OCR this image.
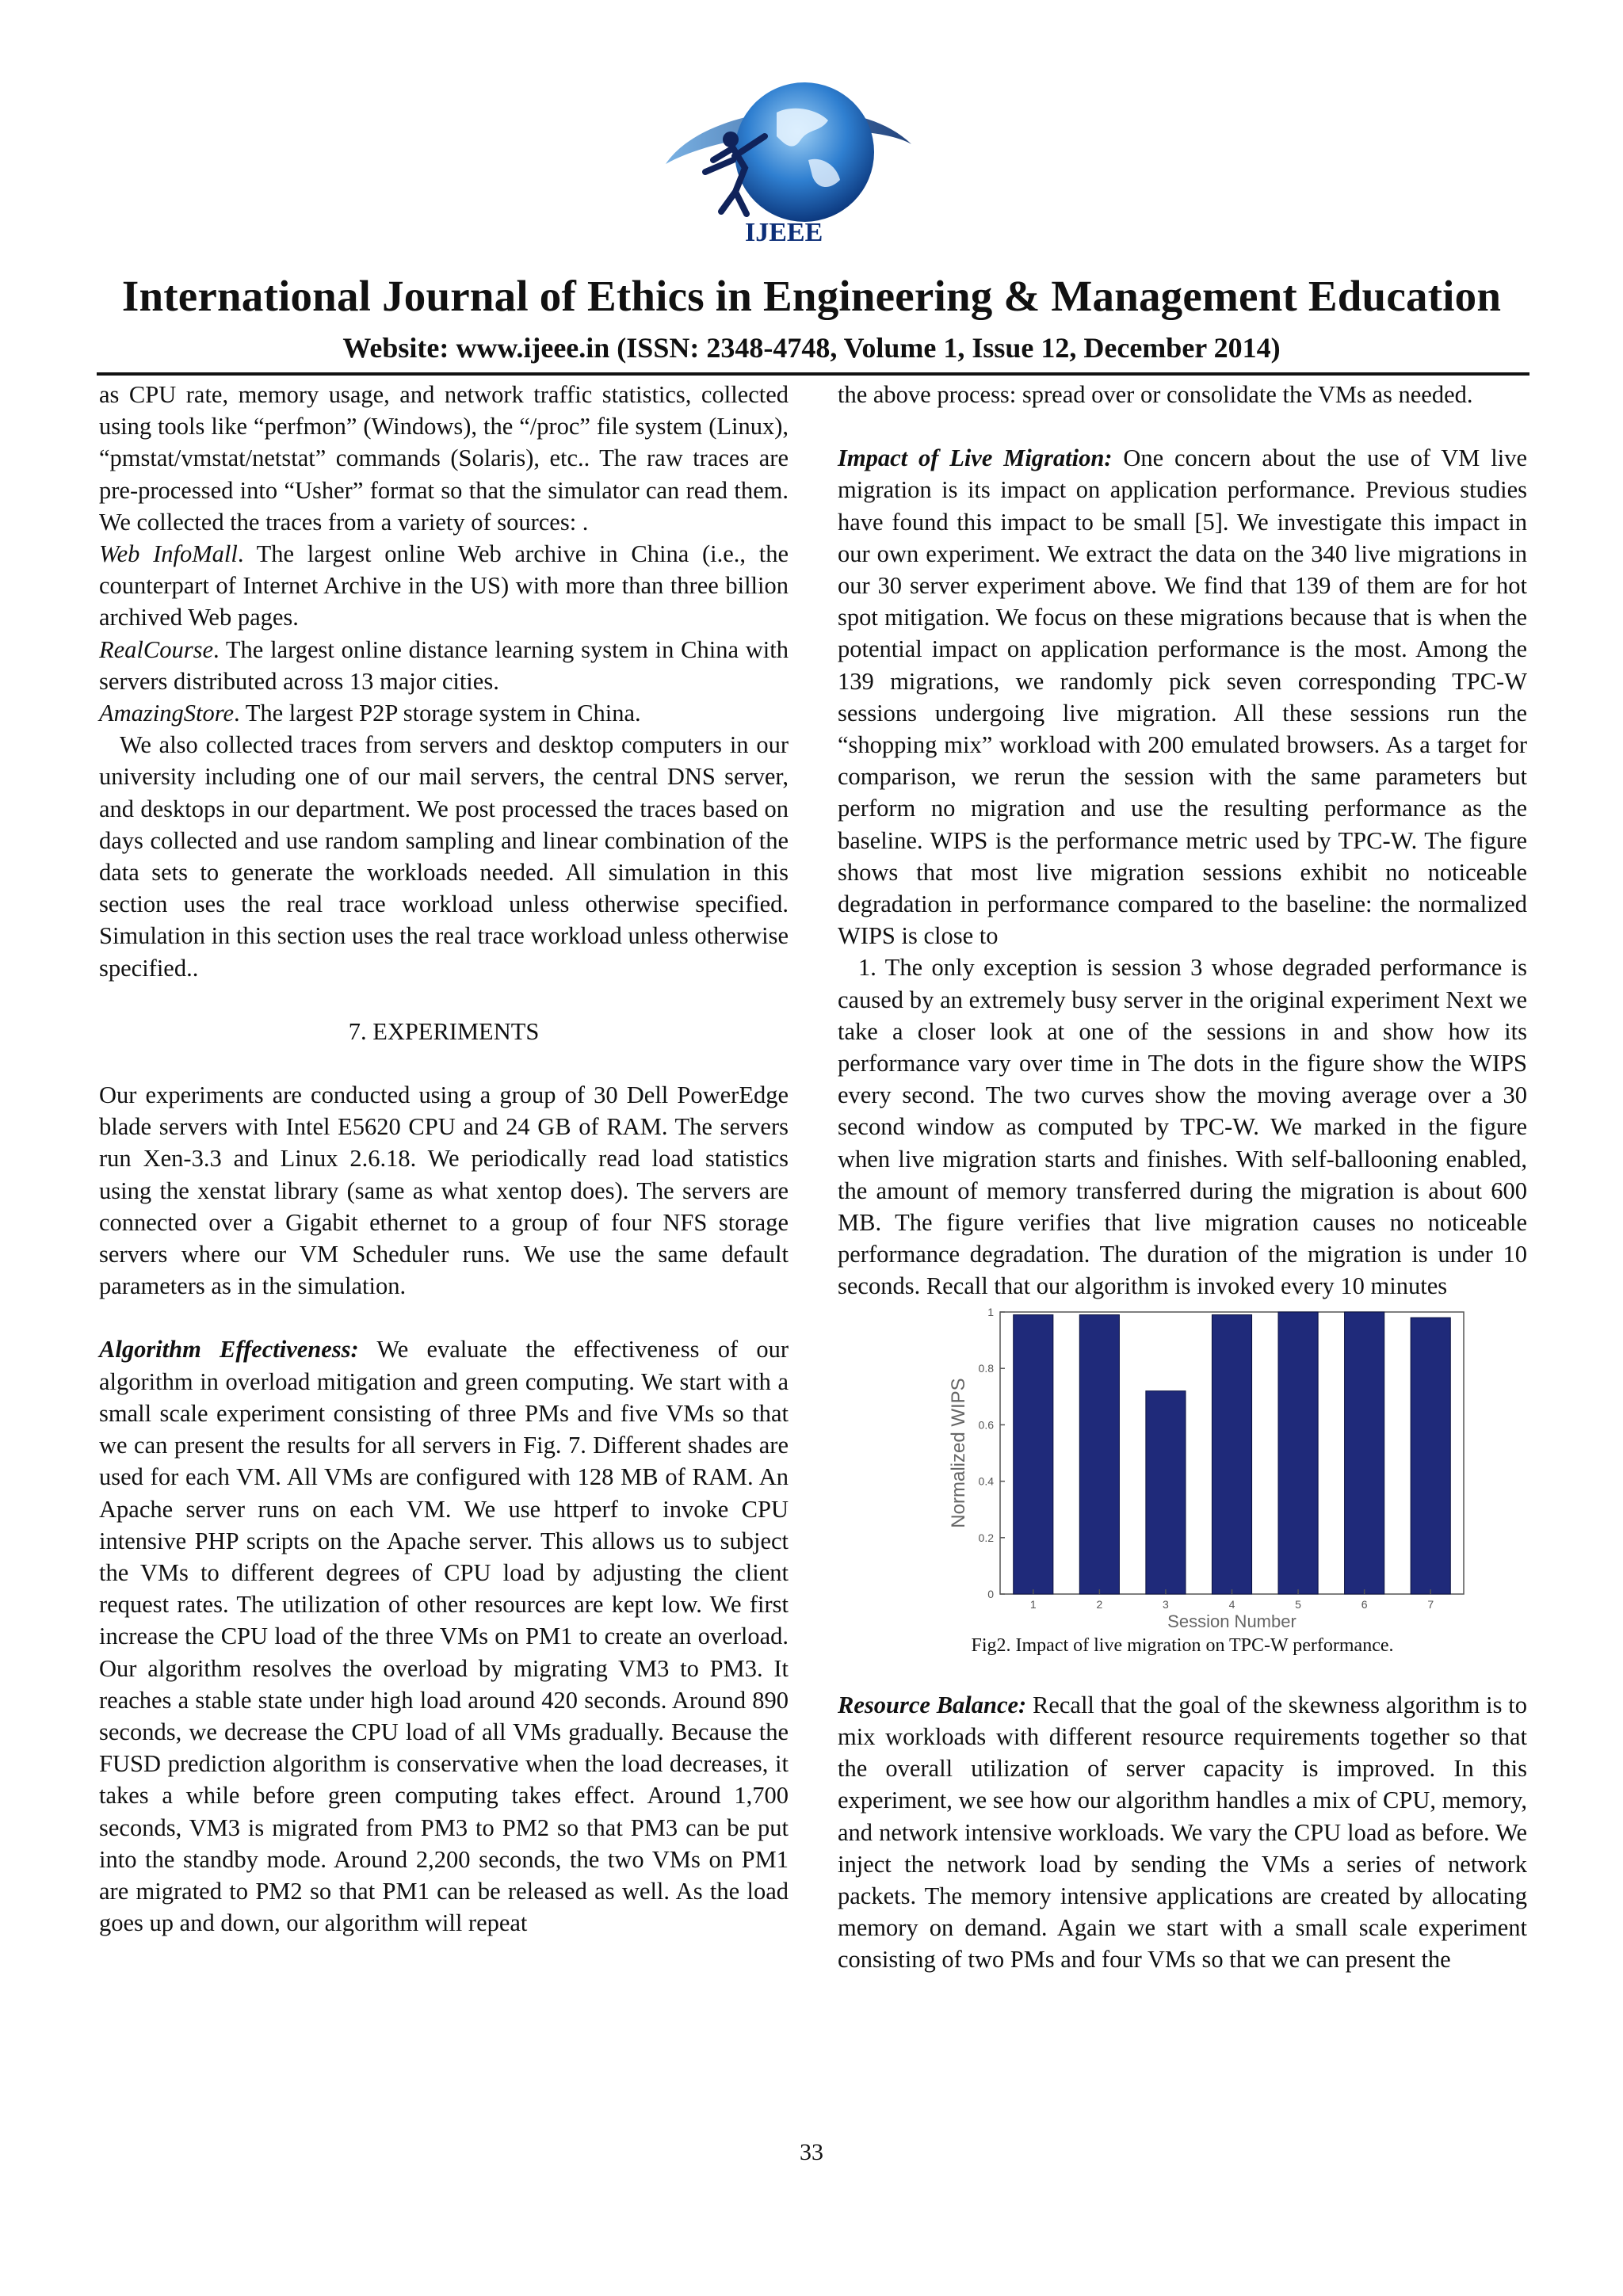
IJEEE
International Journal of Ethics in Engineering & Management Education
Website: www.ijeee.in (ISSN: 2348-4748, Volume 1, Issue 12, December 2014)

as CPU rate, memory usage, and network traffic statistics, collected using tools like “perfmon” (Windows), the “/proc” file system (Linux), “pmstat/vmstat/netstat” commands (Solaris), etc.. The raw traces are pre-processed into “Usher” format so that the simulator can read them. We collected the traces from a variety of sources: .

Web InfoMall. The largest online Web archive in China (i.e., the counterpart of Internet Archive in the US) with more than three billion archived Web pages.

RealCourse. The largest online distance learning system in China with servers distributed across 13 major cities.

AmazingStore. The largest P2P storage system in China.

We also collected traces from servers and desktop computers in our university including one of our mail servers, the central DNS server, and desktops in our department. We post processed the traces based on days collected and use random sampling and linear combination of the data sets to generate the workloads needed. All simulation in this section uses the real trace workload unless otherwise specified. Simulation in this section uses the real trace workload unless otherwise specified..

7. EXPERIMENTS

Our experiments are conducted using a group of 30 Dell PowerEdge blade servers with Intel E5620 CPU and 24 GB of RAM. The servers run Xen-3.3 and Linux 2.6.18. We periodically read load statistics using the xenstat library (same as what xentop does). The servers are connected over a Gigabit ethernet to a group of four NFS storage servers where our VM Scheduler runs. We use the same default parameters as in the simulation.

Algorithm Effectiveness: We evaluate the effectiveness of our algorithm in overload mitigation and green computing. We start with a small scale experiment consisting of three PMs and five VMs so that we can present the results for all servers in Fig. 7. Different shades are used for each VM. All VMs are configured with 128 MB of RAM. An Apache server runs on each VM. We use httperf to invoke CPU intensive PHP scripts on the Apache server. This allows us to subject the VMs to different degrees of CPU load by adjusting the client request rates. The utilization of other resources are kept low. We first increase the CPU load of the three VMs on PM1 to create an overload. Our algorithm resolves the overload by migrating VM3 to PM3. It reaches a stable state under high load around 420 seconds. Around 890 seconds, we decrease the CPU load of all VMs gradually. Because the FUSD prediction algorithm is conservative when the load decreases, it takes a while before green computing takes effect. Around 1,700 seconds, VM3 is migrated from PM3 to PM2 so that PM3 can be put into the standby mode. Around 2,200 seconds, the two VMs on PM1 are migrated to PM2 so that PM1 can be released as well. As the load goes up and down, our algorithm will repeat

the above process: spread over or consolidate the VMs as needed.

Impact of Live Migration: One concern about the use of VM live migration is its impact on application performance. Previous studies have found this impact to be small [5]. We investigate this impact in our own experiment. We extract the data on the 340 live migrations in our 30 server experiment above. We find that 139 of them are for hot spot mitigation. We focus on these migrations because that is when the potential impact on application performance is the most. Among the 139 migrations, we randomly pick seven corresponding TPC-W sessions undergoing live migration. All these sessions run the “shopping mix” workload with 200 emulated browsers. As a target for comparison, we rerun the session with the same parameters but perform no migration and use the resulting performance as the baseline. WIPS is the performance metric used by TPC-W. The figure shows that most live migration sessions exhibit no noticeable degradation in performance compared to the baseline: the normalized WIPS is close to

1. The only exception is session 3 whose degraded performance is caused by an extremely busy server in the original experiment Next we take a closer look at one of the sessions in and show how its performance vary over time in The dots in the figure show the WIPS every second. The two curves show the moving average over a 30 second window as computed by TPC-W. We marked in the figure when live migration starts and finishes. With self-ballooning enabled, the amount of memory transferred during the migration is about 600 MB. The figure verifies that live migration causes no noticeable performance degradation. The duration of the migration is under 10 seconds. Recall that our algorithm is invoked every 10 minutes

0
0.2
0.4
0.6
0.8
1
1	2	3	4	5	6	7
Session Number
Normalized WIPS

Fig2. Impact of live migration on TPC-W performance.

Resource Balance: Recall that the goal of the skewness algorithm is to mix workloads with different resource requirements together so that the overall utilization of server capacity is improved. In this experiment, we see how our algorithm handles a mix of CPU, memory, and network intensive workloads. We vary the CPU load as before. We inject the network load by sending the VMs a series of network packets. The memory intensive applications are created by allocating memory on demand. Again we start with a small scale experiment consisting of two PMs and four VMs so that we can present the

33
